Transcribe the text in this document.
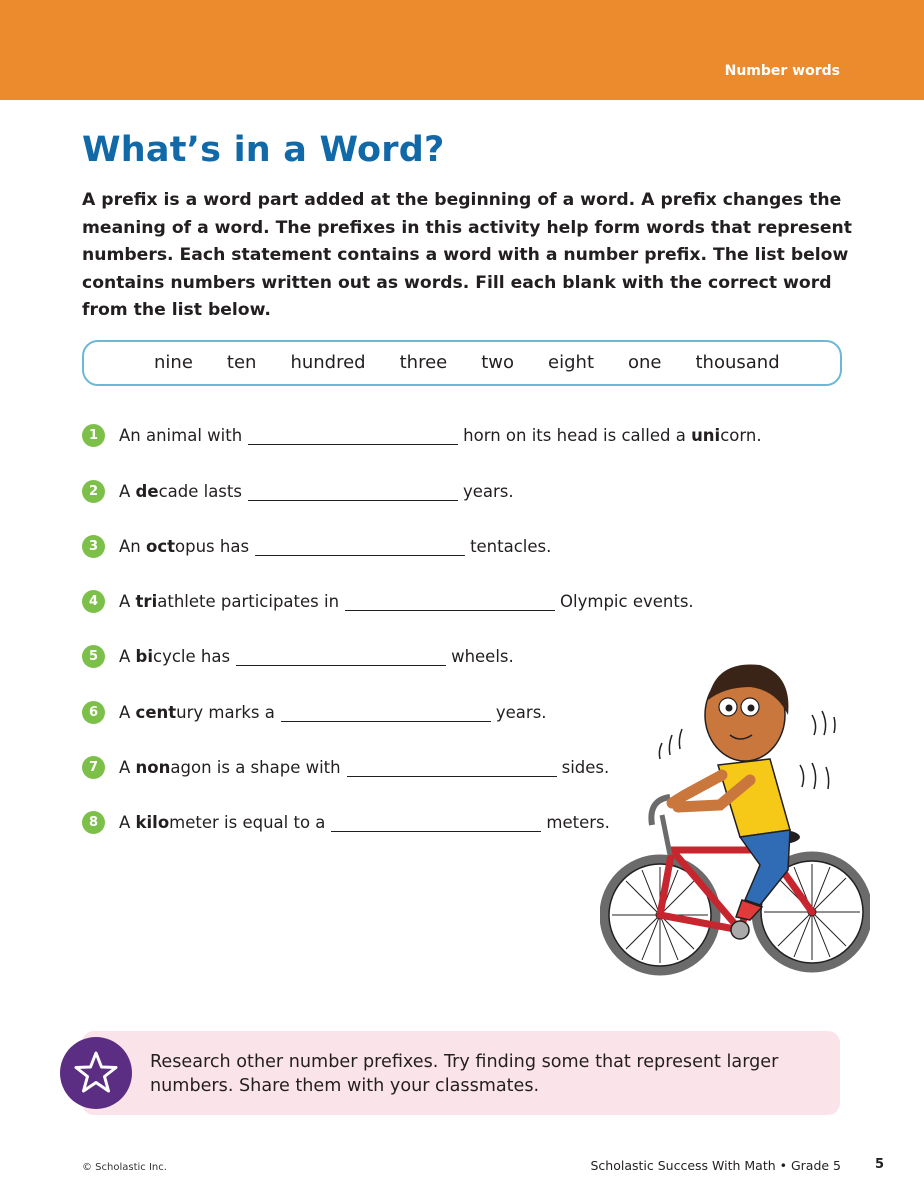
Number words
What’s in a Word?

A prefix is a word part added at the beginning of a word. A prefix changes the meaning of a word. The prefixes in this activity help form words that represent numbers. Each statement contains a word with a number prefix. The list below contains numbers written out as words. Fill each blank with the correct word from the list below.

nine ten hundred three two eight one thousand
1	An animal with	horn on its head is called a
uni corn.
2	A
de cade lasts	years.
3	An
oct opus has	tentacles.
4	A
tri athlete participates in	Olympic events.
5	A
bi cycle has	wheels.
6	A
cent ury marks a	years.
7	A
non agon is a shape with	sides.
8	A
kilo meter is equal to a	meters.

Research other number prefixes. Try finding some that represent larger numbers. Share them with your classmates.

© Scholastic Inc.	Scholastic Success With Math • Grade 5	5
